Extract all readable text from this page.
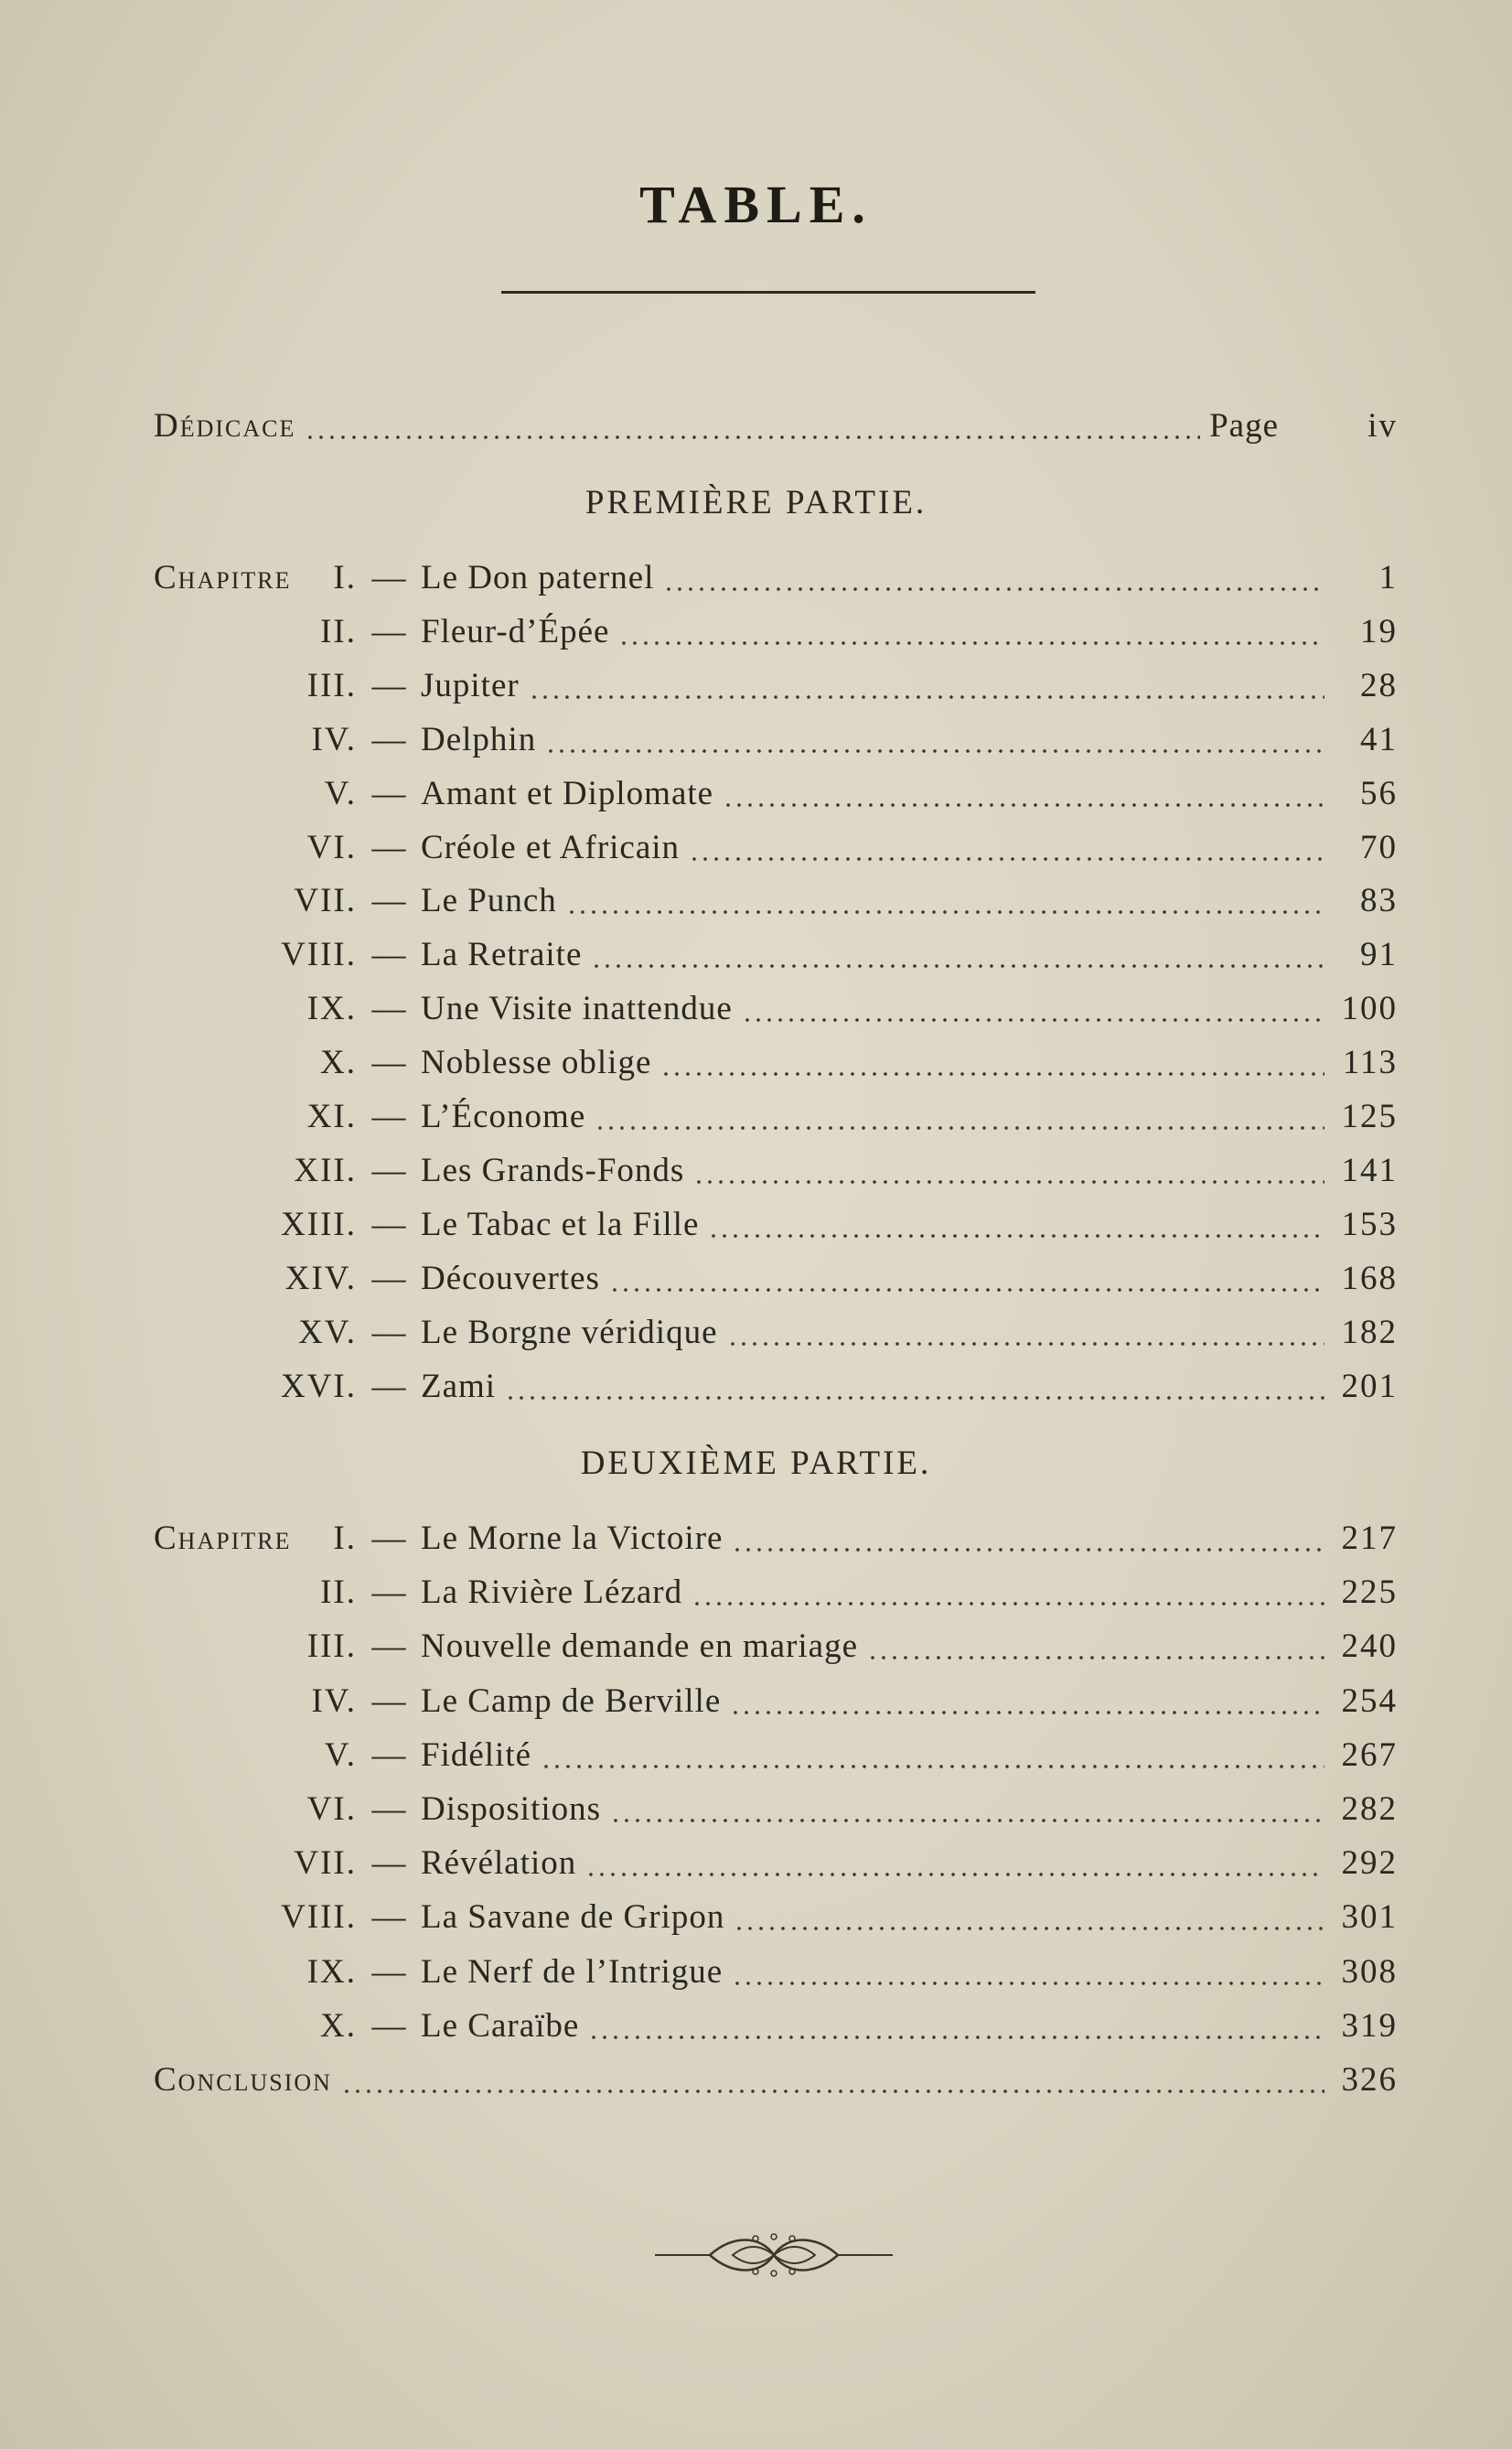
TABLE.
Dédicace	Page	iv
PREMIÈRE PARTIE.
Chapitre I. — Le Don paternel	1
II. — Fleur-d’Épée	19
III. — Jupiter	28
IV. — Delphin	41
V. — Amant et Diplomate	56
VI. — Créole et Africain	70
VII. — Le Punch	83
VIII. — La Retraite	91
IX. — Une Visite inattendue	100
X. — Noblesse oblige	113
XI. — L’Économe	125
XII. — Les Grands-Fonds	141
XIII. — Le Tabac et la Fille	153
XIV. — Découvertes	168
XV. — Le Borgne véridique	182
XVI. — Zami	201
DEUXIÈME PARTIE.
Chapitre I. — Le Morne la Victoire	217
II. — La Rivière Lézard	225
III. — Nouvelle demande en mariage	240
IV. — Le Camp de Berville	254
V. — Fidélité	267
VI. — Dispositions	282
VII. — Révélation	292
VIII. — La Savane de Gripon	301
IX. — Le Nerf de l’Intrigue	308
X. — Le Caraïbe	319
Conclusion	326
